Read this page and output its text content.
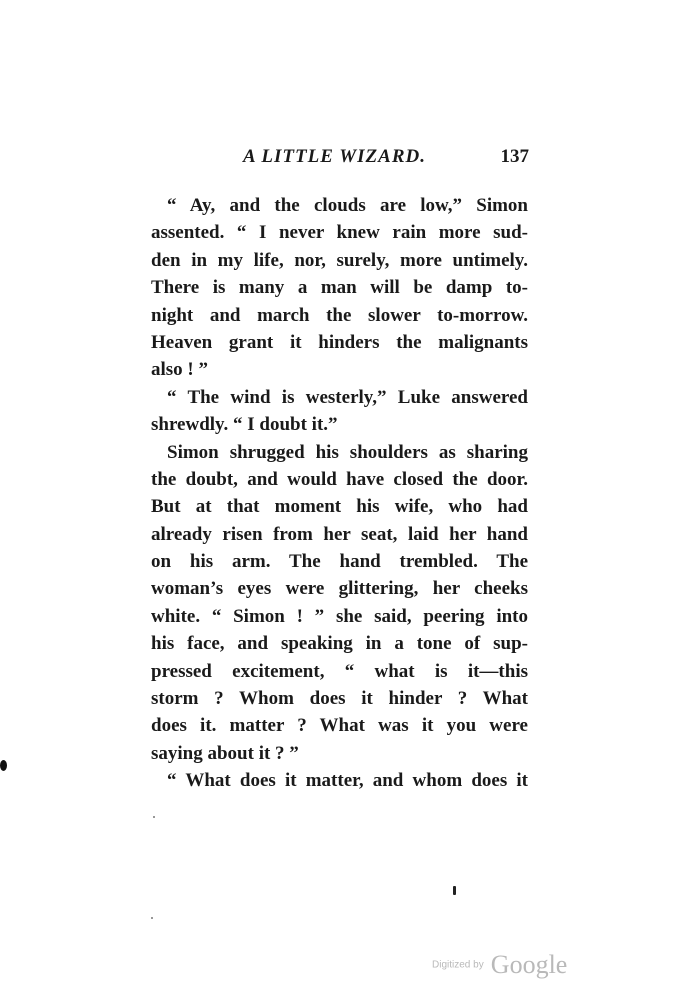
A LITTLE WIZARD.	137
“ Ay, and the clouds are low,” Simon
assented. “ I never knew rain more sud-
den in my life, nor, surely, more untimely.
There is many a man will be damp to-
night and march the slower to-morrow.
Heaven grant it hinders the malignants
also ! ”
“ The wind is westerly,” Luke answered
shrewdly. “ I doubt it.”
Simon shrugged his shoulders as sharing
the doubt, and would have closed the door.
But at that moment his wife, who had
already risen from her seat, laid her hand
on his arm. The hand trembled. The
woman’s eyes were glittering, her cheeks
white. “ Simon ! ” she said, peering into
his face, and speaking in a tone of sup-
pressed excitement, “ what is it—this
storm ? Whom does it hinder ? What
does it. matter ? What was it you were
saying about it ? ”
“ What does it matter, and whom does it
Digitized by Google
